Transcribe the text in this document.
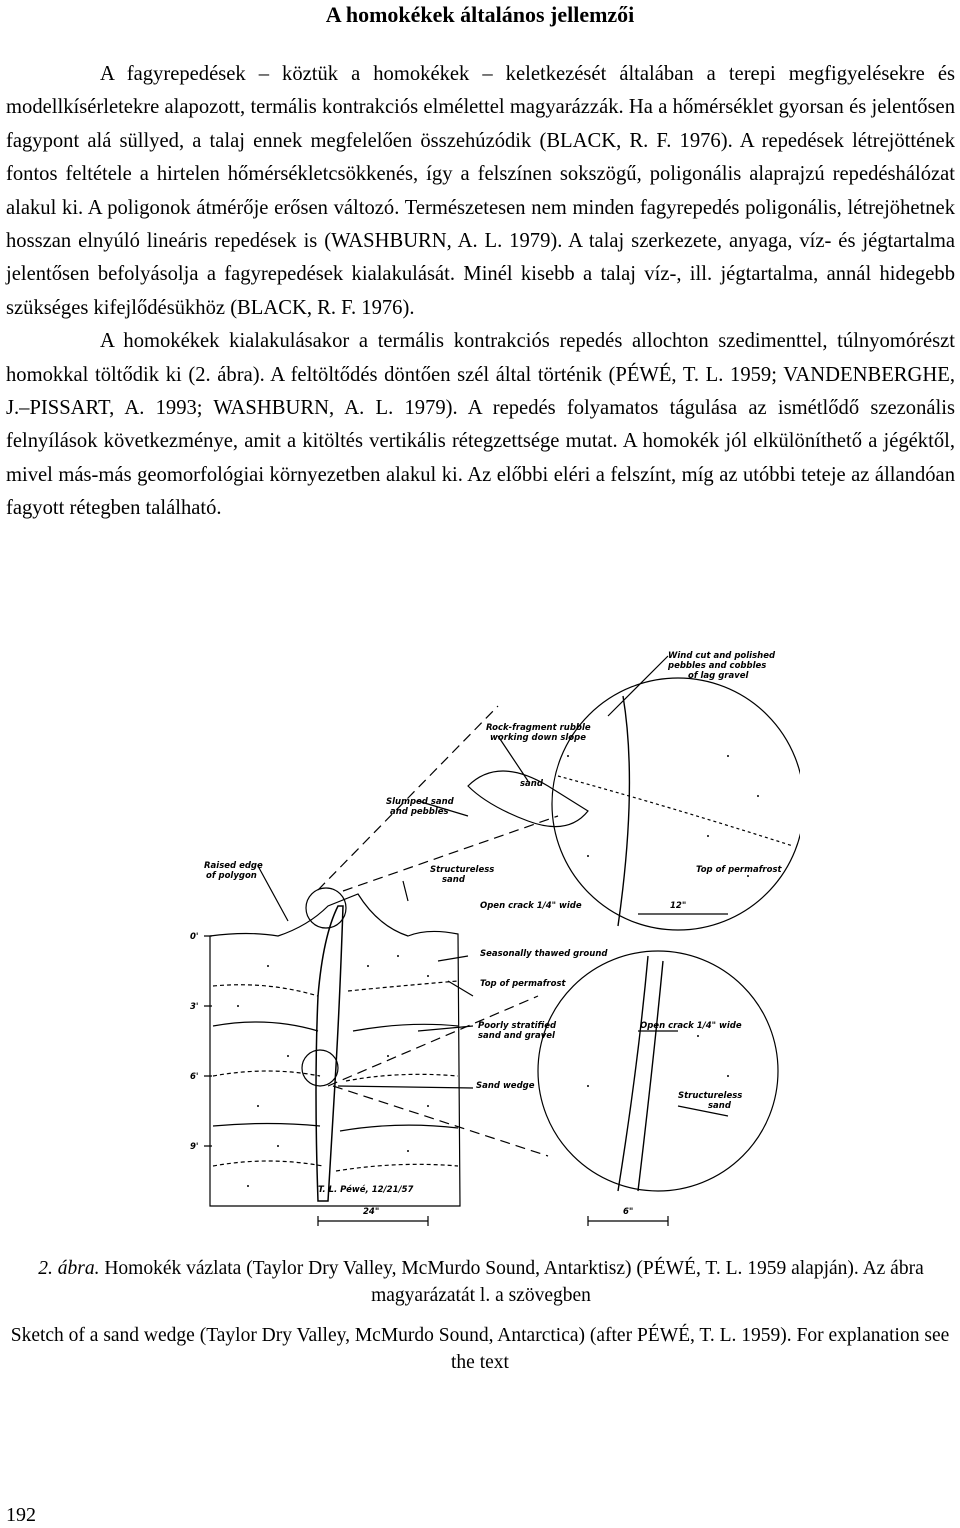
A homokékek általános jellemzői

A fagyrepedések – köztük a homokékek – keletkezését általában a terepi megfigyelésekre és modellkísérletekre alapozott, termális kontrakciós elmélettel magyarázzák. Ha a hőmérséklet gyorsan és jelentősen fagypont alá süllyed, a talaj ennek megfelelően összehúzódik (BLACK, R. F. 1976). A repedések létrejöttének fontos feltétele a hirtelen hőmérsékletcsökkenés, így a felszínen sokszögű, poligonális alaprajzú repedéshálózat alakul ki. A poligonok átmérője erősen változó. Természetesen nem minden fagyrepedés poligonális, létrejöhetnek hosszan elnyúló lineáris repedések is (WASHBURN, A. L. 1979). A talaj szerkezete, anyaga, víz- és jégtartalma jelentősen befolyásolja a fagyrepedések kialakulását. Minél kisebb a talaj víz-, ill. jégtartalma, annál hidegebb szükséges kifejlődésükhöz (BLACK, R. F. 1976).

A homokékek kialakulásakor a termális kontrakciós repedés allochton szedimenttel, túlnyomórészt homokkal töltődik ki (2. ábra). A feltöltődés döntően szél által történik (PÉWÉ, T. L. 1959; VANDENBERGHE, J.–PISSART, A. 1993; WASHBURN, A. L. 1979). A repedés folyamatos tágulása az ismétlődő szezonális felnyílások következménye, amit a kitöltés vertikális rétegzettsége mutat. A homokék jól elkülöníthető a jégéktől, mivel más-más geomorfológiai környezetben alakul ki. Az előbbi eléri a felszínt, míg az utóbbi teteje az állandóan fagyott rétegben található.

Wind cut and polished
pebbles and cobbles
of lag gravel
Rock-fragment rubble
working down slope
sand
Slumped sand
and pebbles
Raised edge
of polygon
Structureless
sand
Top of permafrost
Open crack 1/4" wide	12"
Seasonally thawed ground
Top of permafrost
Poorly stratified
sand and gravel
Open crack 1/4" wide
Sand wedge
Structureless
sand
T. L. Péwé, 12/21/57
24"	6"
0'
3'
6'
9'
2. ábra. Homokék vázlata (Taylor Dry Valley, McMurdo Sound, Antarktisz) (PÉWÉ, T. L. 1959 alapján). Az ábra magyarázatát l. a szövegben
Sketch of a sand wedge (Taylor Dry Valley, McMurdo Sound, Antarctica) (after PÉWÉ, T. L. 1959). For explanation see the text
192
